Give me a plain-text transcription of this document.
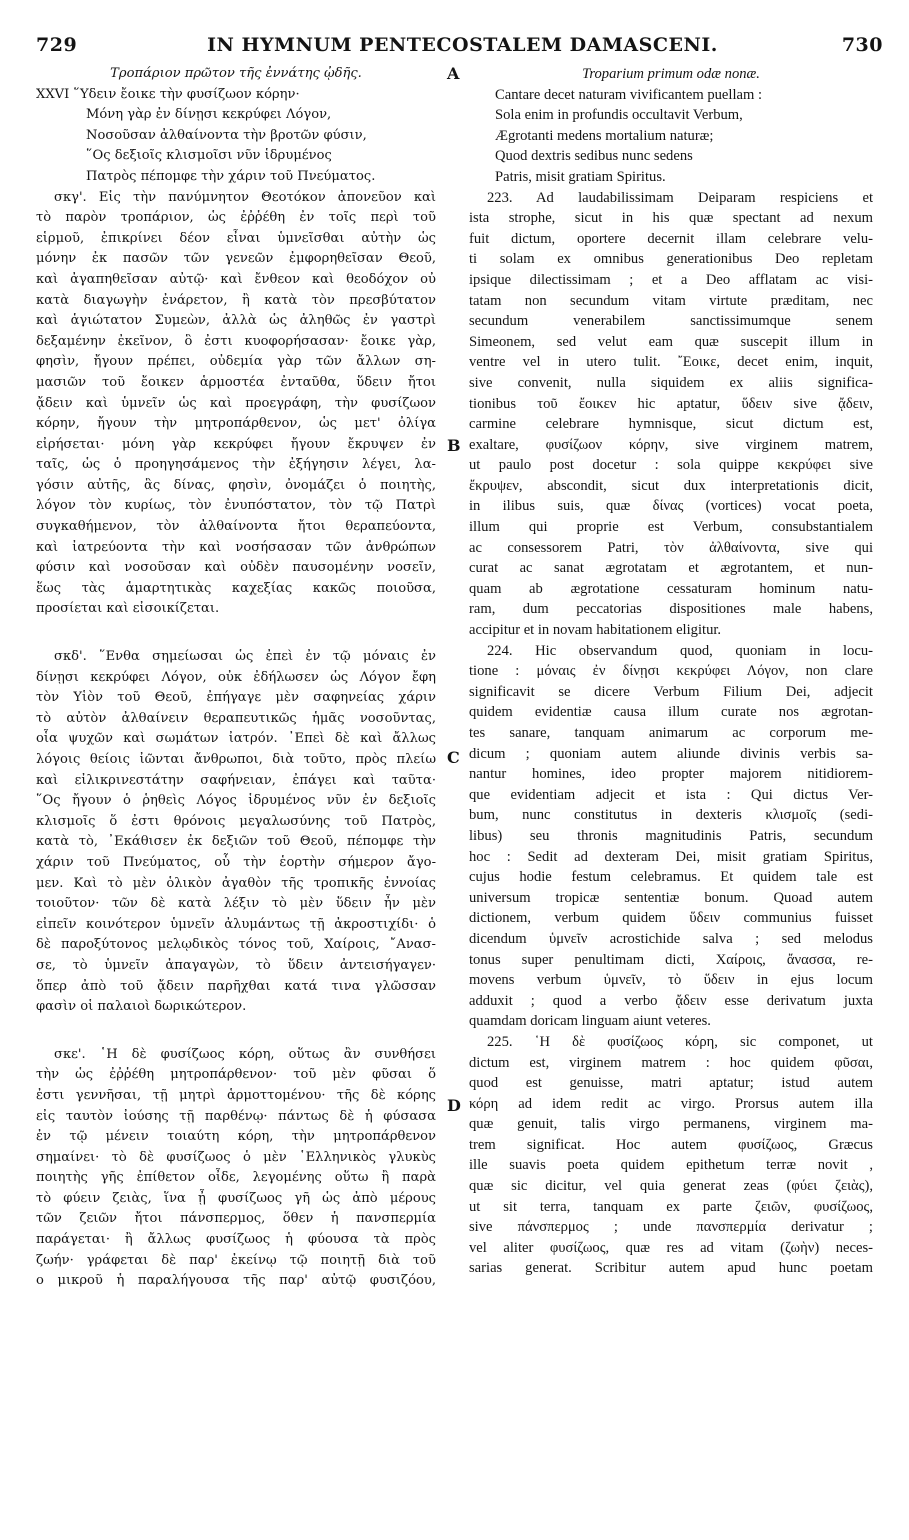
729	IN HYMNUM PENTECOSTALEM DAMASCENI.	730
Τροπάριον πρῶτον τῆς ἐννάτης ᾠδῆς.
XXVI ῞Υδειν ἔοικε τὴν φυσίζωον κόρην·
Μόνη γὰρ ἐν δίνῃσι κεκρύφει Λόγον,
Νοσοῦσαν ἀλθαίνοντα τὴν βροτῶν φύσιν,
῞Ος δεξιοῖς κλισμοῖσι νῦν ἱδρυμένος
Πατρὸς πέπομφε τὴν χάριν τοῦ Πνεύματος.
σκγ'. Εἰς τὴν πανύμνητον Θεοτόκον ἀπονεῦον καὶ
τὸ παρὸν τροπάριον, ὡς ἐῤῥέθη ἐν τοῖς περὶ τοῦ
εἱρμοῦ, ἐπικρίνει δέον εἶναι ὑμνεῖσθαι αὐτὴν ὡς
μόνην ἐκ πασῶν τῶν γενεῶν ἐμφορηθεῖσαν Θεοῦ,
καὶ ἀγαπηθεῖσαν αὐτῷ· καὶ ἔνθεον καὶ θεοδόχον οὐ
κατὰ διαγωγὴν ἐνάρετον, ἢ κατὰ τὸν πρεσβύτατον
καὶ ἁγιώτατον Συμεὼν, ἀλλὰ ὡς ἀληθῶς ἐν γαστρὶ
δεξαμένην ἐκεῖνον, ὃ ἐστι κυοφορήσασαν· ἔοικε γὰρ,
φησὶν, ἤγουν πρέπει, οὐδεμία γὰρ τῶν ἄλλων ση-
μασιῶν τοῦ ἔοικεν ἁρμοστέα ἐνταῦθα, ὕδειν ἤτοι
ᾄδειν καὶ ὑμνεῖν ὡς καὶ προεγράφη, τὴν φυσίζωον
κόρην, ἤγουν τὴν μητροπάρθενον, ὡς μετ' ὀλίγα
εἰρήσεται· μόνη γὰρ κεκρύφει ἤγουν ἔκρυψεν ἐν
ταῖς, ὡς ὁ προηγησάμενος τὴν ἐξήγησιν λέγει, λα-
γόσιν αὐτῆς, ἃς δίνας, φησὶν, ὀνομάζει ὁ ποιητὴς,
λόγον τὸν κυρίως, τὸν ἐνυπόστατον, τὸν τῷ Πατρὶ
συγκαθήμενον, τὸν ἀλθαίνοντα ἤτοι θεραπεύοντα,
καὶ ἰατρεύοντα τὴν καὶ νοσήσασαν τῶν ἀνθρώπων
φύσιν καὶ νοσοῦσαν καὶ οὐδὲν παυσομένην νοσεῖν,
ἕως τὰς ἁμαρτητικὰς καχεξίας κακῶς ποιοῦσα,
προσίεται καὶ εἰσοικίζεται.
σκδ'. ῞Ενθα σημείωσαι ὡς ἐπεὶ ἐν τῷ μόναις ἐν
δίνῃσι κεκρύφει Λόγον, οὐκ ἐδήλωσεν ὡς Λόγον ἔφη
τὸν Υἱὸν τοῦ Θεοῦ, ἐπήγαγε μὲν σαφηνείας χάριν
τὸ αὐτὸν ἀλθαίνειν θεραπευτικῶς ἡμᾶς νοσοῦντας,
οἷα ψυχῶν καὶ σωμάτων ἰατρόν. ᾿Επεὶ δὲ καὶ ἄλλως
λόγοις θείοις ἰῶνται ἄνθρωποι, διὰ τοῦτο, πρὸς πλείω
καὶ εἰλικρινεστάτην σαφήνειαν, ἐπάγει καὶ ταῦτα·
῞Ος ἤγουν ὁ ῥηθεὶς Λόγος ἱδρυμένος νῦν ἐν δεξιοῖς
κλισμοῖς ὅ ἐστι θρόνοις μεγαλωσύνης τοῦ Πατρὸς,
κατὰ τὸ, ᾿Εκάθισεν ἐκ δεξιῶν τοῦ Θεοῦ, πέπομφε τὴν
χάριν τοῦ Πνεύματος, οὗ τὴν ἑορτὴν σήμερον ἄγο-
μεν. Καὶ τὸ μὲν ὁλικὸν ἀγαθὸν τῆς τροπικῆς ἐννοίας
τοιοῦτον· τῶν δὲ κατὰ λέξιν τὸ μὲν ὕδειν ἦν μὲν
εἰπεῖν κοινότερον ὑμνεῖν ἀλυμάντως τῇ ἀκροστιχίδι· ὁ
δὲ παροξύτονος μελῳδικὸς τόνος τοῦ, Χαίροις, ῎Ανασ-
σε, τὸ ὑμνεῖν ἀπαγαγὼν, τὸ ὕδειν ἀντεισήγαγεν·
ὅπερ ἀπὸ τοῦ ᾄδειν παρῆχθαι κατά τινα γλῶσσαν
φασὶν οἱ παλαιοὶ δωρικώτερον.
σκε'. ῾Η δὲ φυσίζωος κόρη, οὕτως ἂν συνθήσει
τὴν ὡς ἐῤῥέθη μητροπάρθενον· τοῦ μὲν φῦσαι ὅ
ἐστι γεννῆσαι, τῇ μητρὶ ἁρμοττομένου· τῆς δὲ κόρης
εἰς ταυτὸν ἰούσης τῇ παρθένῳ· πάντως δὲ ἡ φύσασα
ἐν τῷ μένειν τοιαύτη κόρη, τὴν μητροπάρθενον
σημαίνει· τὸ δὲ φυσίζωος ὁ μὲν ῾Ελληνικὸς γλυκὺς
ποιητὴς γῆς ἐπίθετον οἶδε, λεγομένης οὕτω ἢ παρὰ
τὸ φύειν ζειὰς, ἵνα ᾖ φυσίζωος γῆ ὡς ἀπὸ μέρους
τῶν ζειῶν ἤτοι πάνσπερμος, ὅθεν ἡ πανσπερμία
παράγεται· ἢ ἄλλως φυσίζωος ἡ φύουσα τὰ πρὸς
ζωήν· γράφεται δὲ παρ' ἐκείνῳ τῷ ποιητῇ διὰ τοῦ
ο μικροῦ ἡ παραλήγουσα τῆς παρ' αὐτῷ φυσιζόου,
Troparium primum odæ nonæ.
Cantare decet naturam vivificantem puellam :
Sola enim in profundis occultavit Verbum,
Ægrotanti medens mortalium naturæ;
Quod dextris sedibus nunc sedens
Patris, misit gratiam Spiritus.
223. Ad laudabilissimam Deiparam respiciens et
ista strophe, sicut in his quæ spectant ad nexum
fuit dictum, oportere decernit illam celebrare velu-
ti solam ex omnibus generationibus Deo repletam
ipsique dilectissimam ; et a Deo afflatam ac visi-
tatam non secundum vitam virtute præditam, nec
secundum venerabilem sanctissimumque senem
Simeonem, sed velut eam quæ suscepit illum in
ventre vel in utero tulit. ῎Εοικε, decet enim, inquit,
sive convenit, nulla siquidem ex aliis significa-
tionibus τοῦ ἔοικεν hic aptatur, ὕδειν sive ᾄδειν,
carmine celebrare hymnisque, sicut dictum est,
exaltare, φυσίζωον κόρην, sive virginem matrem,
ut paulo post docetur : sola quippe κεκρύφει sive
ἔκρυψεν, abscondit, sicut dux interpretationis dicit,
in ilibus suis, quæ δίνας (vortices) vocat poeta,
illum qui proprie est Verbum, consubstantialem
ac consessorem Patri, τὸν ἀλθαίνοντα, sive qui
curat ac sanat ægrotatam et ægrotantem, et nun-
quam ab ægrotatione cessaturam hominum natu-
ram, dum peccatorias dispositiones male habens,
accipitur et in novam habitationem eligitur.
224. Hic observandum quod, quoniam in locu-
tione : μόναις ἐν δίνῃσι κεκρύφει Λόγον, non clare
significavit se dicere Verbum Filium Dei, adjecit
quidem evidentiæ causa illum curate nos ægrotan-
tes sanare, tanquam animarum ac corporum me-
dicum ; quoniam autem aliunde divinis verbis sa-
nantur homines, ideo propter majorem nitidiorem-
que evidentiam adjecit et ista : Qui dictus Ver-
bum, nunc constitutus in dexteris κλισμοῖς (sedi-
libus) seu thronis magnitudinis Patris, secundum
hoc : Sedit ad dexteram Dei, misit gratiam Spiritus,
cujus hodie festum celebramus. Et quidem tale est
universum tropicæ sententiæ bonum. Quoad autem
dictionem, verbum quidem ὕδειν communius fuisset
dicendum ὑμνεῖν acrostichide salva ; sed melodus
tonus super penultimam dicti, Χαίροις, ἄνασσα, re-
movens verbum ὑμνεῖν, τὸ ὕδειν in ejus locum
adduxit ; quod a verbo ᾄδειν esse derivatum juxta
quamdam doricam linguam aiunt veteres.
225. ῾Η δὲ φυσίζωος κόρη, sic componet, ut
dictum est, virginem matrem : hoc quidem φῦσαι,
quod est genuisse, matri aptatur; istud autem
κόρη ad idem redit ac virgo. Prorsus autem illa
quæ genuit, talis virgo permanens, virginem ma-
trem significat. Hoc autem φυσίζωος, Græcus
ille suavis poeta quidem epithetum terræ novit ,
quæ sic dicitur, vel quia generat zeas (φύει ζειὰς),
ut sit terra, tanquam ex parte ζειῶν, φυσίζωος,
sive πάνσπερμος ; unde πανσπερμία derivatur ;
vel aliter φυσίζωος, quæ res ad vitam (ζωὴν) neces-
sarias generat. Scribitur autem apud hunc poetam
A
B
C
D
